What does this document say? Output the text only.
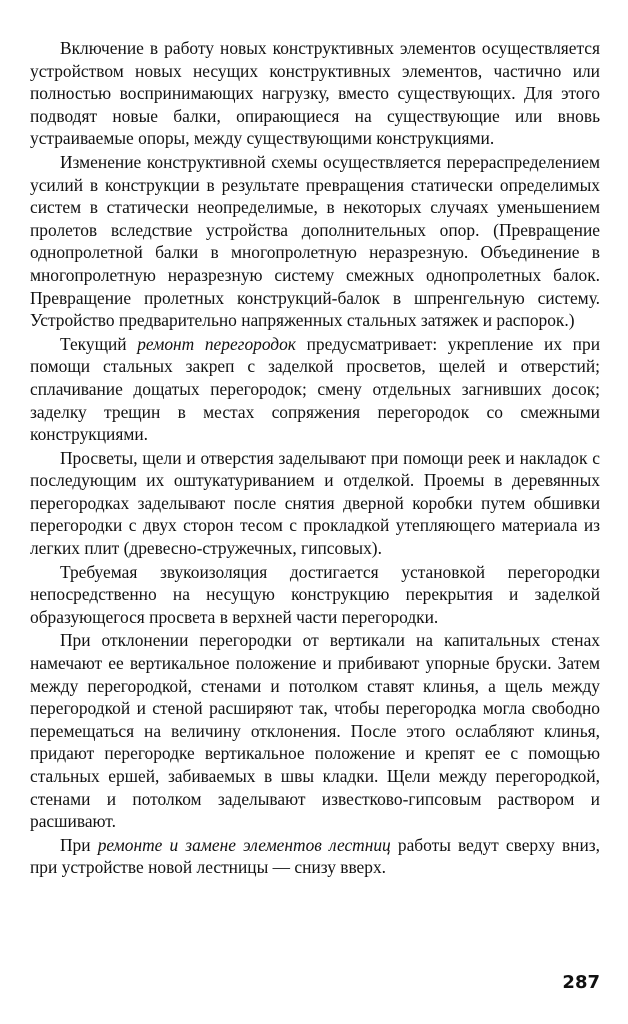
Включение в работу новых конструктивных элементов осуществляется устройством новых несущих конструктивных элементов, частично или полностью воспринимающих нагрузку, вместо существующих. Для этого подводят новые балки, опирающиеся на существующие или вновь устраиваемые опоры, между существующими конструкциями.

Изменение конструктивной схемы осуществляется перераспределением усилий в конструкции в результате превращения статически определимых систем в статически неопределимые, в некоторых случаях уменьшением пролетов вследствие устройства дополнительных опор. (Превращение однопролетной балки в многопролетную неразрезную. Объединение в многопролетную неразрезную систему смежных однопролетных балок. Превращение пролетных конструкций-балок в шпренгельную систему. Устройство предварительно напряженных стальных затяжек и распорок.)

Текущий ремонт перегородок предусматривает: укрепление их при помощи стальных закреп с заделкой просветов, щелей и отверстий; сплачивание дощатых перегородок; смену отдельных загнивших досок; заделку трещин в местах сопряжения перегородок со смежными конструкциями.

Просветы, щели и отверстия заделывают при помощи реек и накладок с последующим их оштукатуриванием и отделкой. Проемы в деревянных перегородках заделывают после снятия дверной коробки путем обшивки перегородки с двух сторон тесом с прокладкой утепляющего материала из легких плит (древесно-стружечных, гипсовых).

Требуемая звукоизоляция достигается установкой перегородки непосредственно на несущую конструкцию перекрытия и заделкой образующегося просвета в верхней части перегородки.

При отклонении перегородки от вертикали на капитальных стенах намечают ее вертикальное положение и прибивают упорные бруски. Затем между перегородкой, стенами и потолком ставят клинья, а щель между перегородкой и стеной расширяют так, чтобы перегородка могла свободно перемещаться на величину отклонения. После этого ослабляют клинья, придают перегородке вертикальное положение и крепят ее с помощью стальных ершей, забиваемых в швы кладки. Щели между перегородкой, стенами и потолком заделывают известково-гипсовым раствором и расшивают.

При ремонте и замене элементов лестниц работы ведут сверху вниз, при устройстве новой лестницы — снизу вверх.

287
